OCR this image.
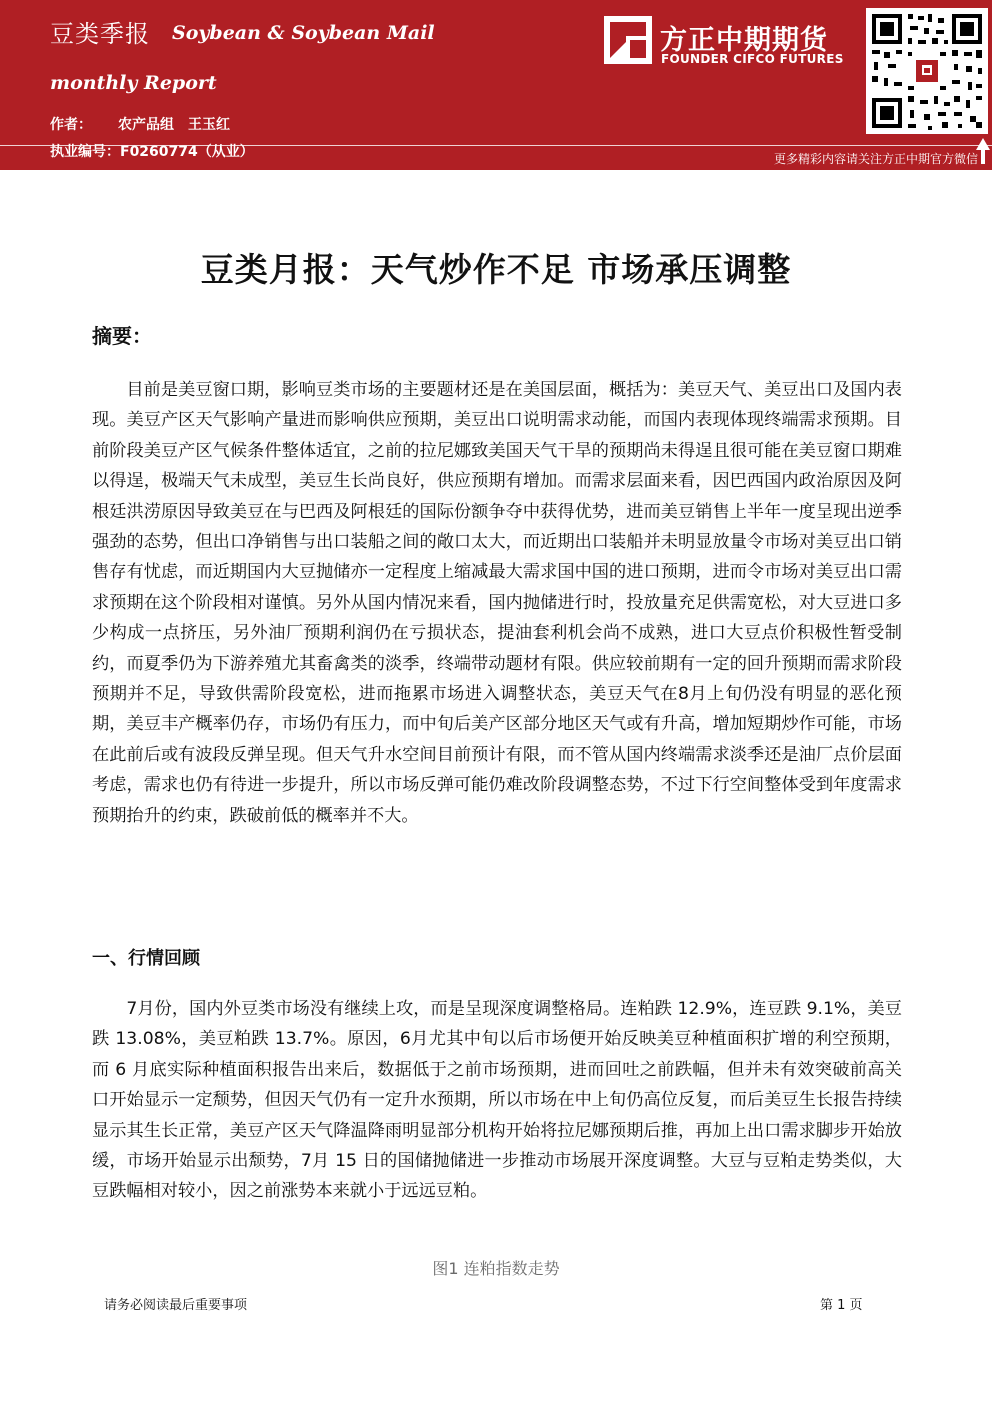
豆类季报 Soybean & Soybean Mail
monthly Report
作者： 农产品组　王玉红
执业编号：F0260774（从业）
方正中期期货
FOUNDER CIFCO FUTURES
更多精彩内容请关注方正中期官方微信
豆类月报：天气炒作不足 市场承压调整
摘要：

目前是美豆窗口期，影响豆类市场的主要题材还是在美国层面，概括为：美豆天气、美豆出口及国内表现。美豆产区天气影响产量进而影响供应预期，美豆出口说明需求动能，而国内表现体现终端需求预期。目前阶段美豆产区气候条件整体适宜，之前的拉尼娜致美国天气干旱的预期尚未得逞且很可能在美豆窗口期难以得逞，极端天气未成型，美豆生长尚良好，供应预期有增加。而需求层面来看，因巴西国内政治原因及阿根廷洪涝原因导致美豆在与巴西及阿根廷的国际份额争夺中获得优势，进而美豆销售上半年一度呈现出逆季强劲的态势，但出口净销售与出口装船之间的敞口太大，而近期出口装船并未明显放量令市场对美豆出口销售存有忧虑，而近期国内大豆抛储亦一定程度上缩减最大需求国中国的进口预期，进而令市场对美豆出口需求预期在这个阶段相对谨慎。另外从国内情况来看，国内抛储进行时，投放量充足供需宽松，对大豆进口多少构成一点挤压，另外油厂预期利润仍在亏损状态，提油套利机会尚不成熟，进口大豆点价积极性暂受制约，而夏季仍为下游养殖尤其畜禽类的淡季，终端带动题材有限。供应较前期有一定的回升预期而需求阶段预期并不足，导致供需阶段宽松，进而拖累市场进入调整状态，美豆天气在8月上旬仍没有明显的恶化预期，美豆丰产概率仍存，市场仍有压力，而中旬后美产区部分地区天气或有升高，增加短期炒作可能，市场在此前后或有波段反弹呈现。但天气升水空间目前预计有限，而不管从国内终端需求淡季还是油厂点价层面考虑，需求也仍有待进一步提升，所以市场反弹可能仍难改阶段调整态势，不过下行空间整体受到年度需求预期抬升的约束，跌破前低的概率并不大。

一、行情回顾

7月份，国内外豆类市场没有继续上攻，而是呈现深度调整格局。连粕跌 12.9%，连豆跌 9.1%，美豆跌 13.08%，美豆粕跌 13.7%。原因，6月尤其中旬以后市场便开始反映美豆种植面积扩增的利空预期，而 6 月底实际种植面积报告出来后，数据低于之前市场预期，进而回吐之前跌幅，但并未有效突破前高关口开始显示一定颓势，但因天气仍有一定升水预期，所以市场在中上旬仍高位反复，而后美豆生长报告持续显示其生长正常，美豆产区天气降温降雨明显部分机构开始将拉尼娜预期后推，再加上出口需求脚步开始放缓，市场开始显示出颓势，7月 15 日的国储抛储进一步推动市场展开深度调整。大豆与豆粕走势类似，大豆跌幅相对较小，因之前涨势本来就小于远远豆粕。

图1 连粕指数走势
请务必阅读最后重要事项	第 1 页
